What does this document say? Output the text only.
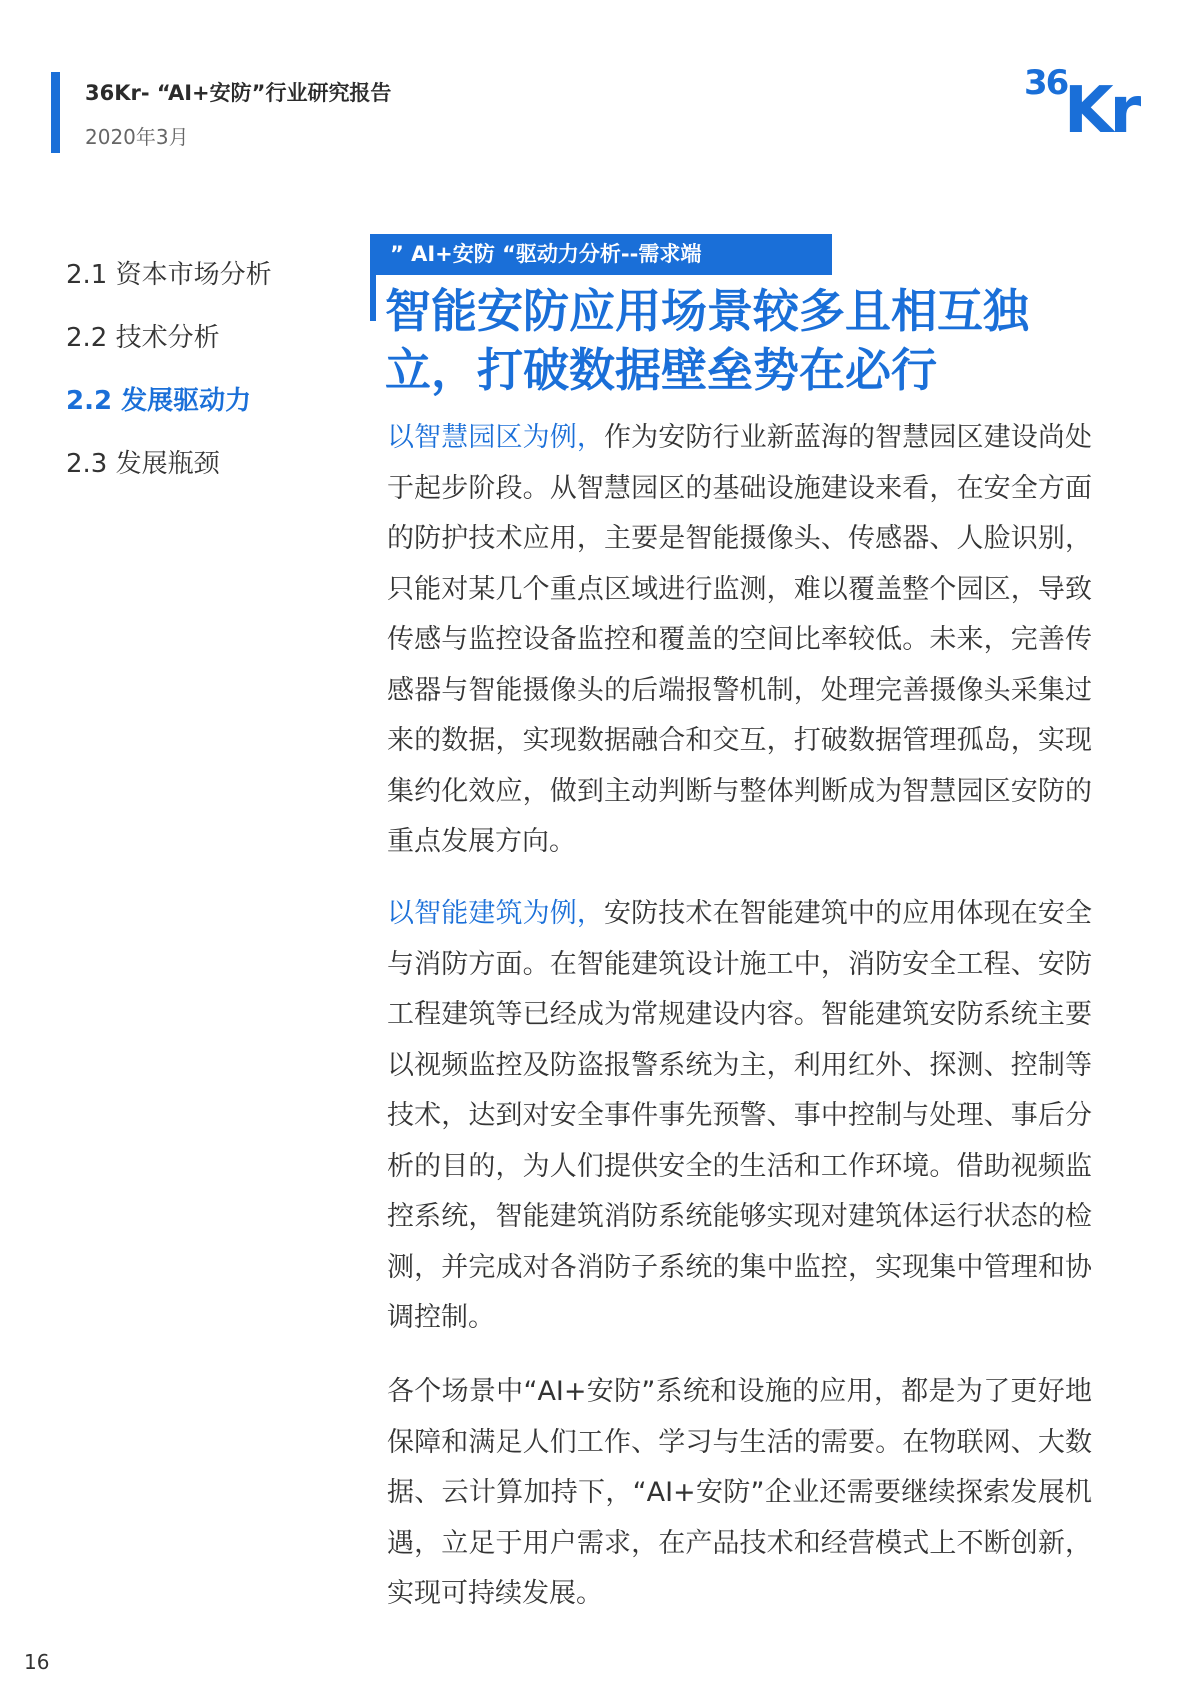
36Kr- “AI+安防”行业研究报告
2020年3月
36
Kr
2.1 资本市场分析
2.2 技术分析
2.2 发展驱动力
2.3 发展瓶颈
” AI+安防 “驱动力分析--需求端
智能安防应用场景较多且相互独立，打破数据壁垒势在必行

以智慧园区为例，作为安防行业新蓝海的智慧园区建设尚处于起步阶段。从智慧园区的基础设施建设来看，在安全方面的防护技术应用，主要是智能摄像头、传感器、人脸识别，只能对某几个重点区域进行监测，难以覆盖整个园区，导致传感与监控设备监控和覆盖的空间比率较低。未来，完善传感器与智能摄像头的后端报警机制，处理完善摄像头采集过来的数据，实现数据融合和交互，打破数据管理孤岛，实现集约化效应，做到主动判断与整体判断成为智慧园区安防的重点发展方向。

以智能建筑为例，安防技术在智能建筑中的应用体现在安全与消防方面。在智能建筑设计施工中，消防安全工程、安防工程建筑等已经成为常规建设内容。智能建筑安防系统主要以视频监控及防盗报警系统为主，利用红外、探测、控制等技术，达到对安全事件事先预警、事中控制与处理、事后分析的目的，为人们提供安全的生活和工作环境。借助视频监控系统，智能建筑消防系统能够实现对建筑体运行状态的检测，并完成对各消防子系统的集中监控，实现集中管理和协调控制。

各个场景中“AI+安防”系统和设施的应用，都是为了更好地保障和满足人们工作、学习与生活的需要。在物联网、大数据、云计算加持下，“AI+安防”企业还需要继续探索发展机遇，立足于用户需求，在产品技术和经营模式上不断创新，实现可持续发展。

16
